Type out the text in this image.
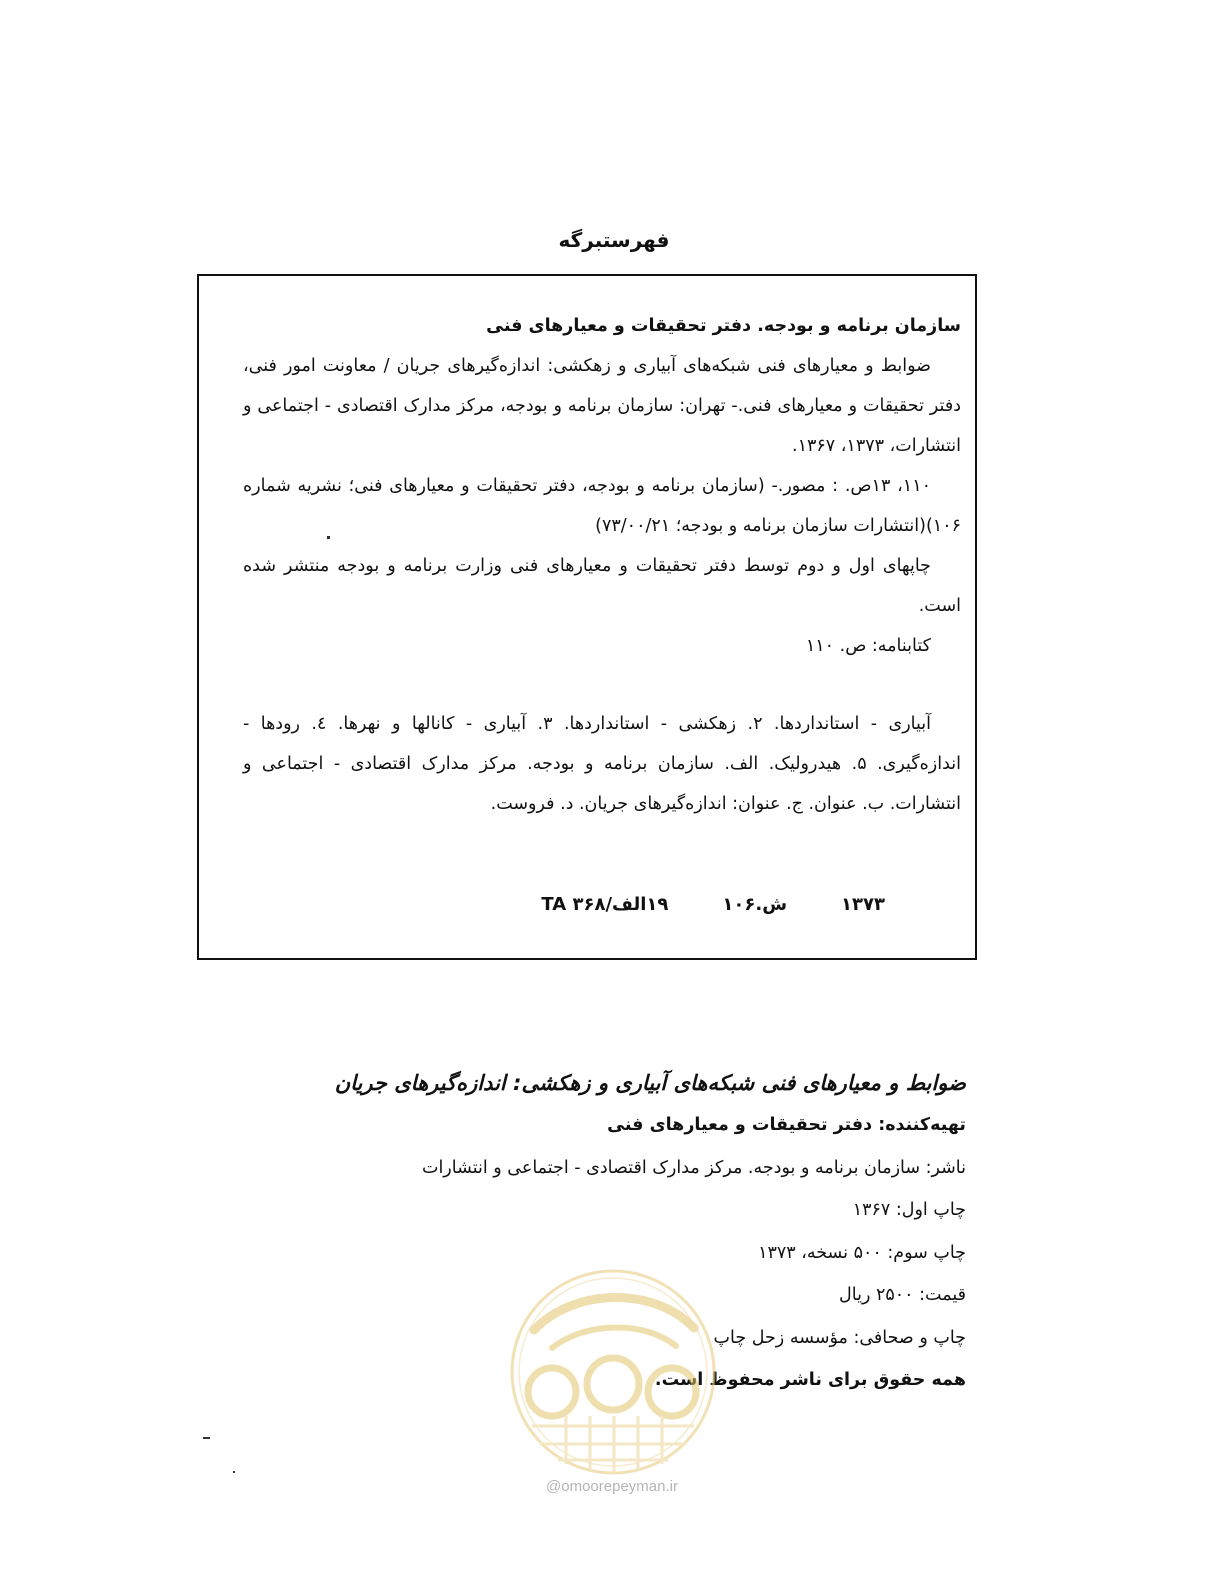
فهرستبرگه

سازمان برنامه و بودجه. دفتر تحقیقات و معیارهای فنی

ضوابط و معیارهای فنی شبکه‌های آبیاری و زهکشی: اندازه‌گیرهای جریان / معاونت امور فنی، دفتر تحقیقات و معیارهای فنی.- تهران: سازمان برنامه و بودجه، مرکز مدارک اقتصادی - اجتماعی و انتشارات، ۱۳۷۳، ۱۳۶۷.

۱۱۰، ۱۳ص. : مصور.- (سازمان برنامه و بودجه، دفتر تحقیقات و معیارهای فنی؛ نشریه شماره ۱۰۶)(انتشارات سازمان برنامه و بودجه؛ ۷۳/۰۰/۲۱)

چاپهای اول و دوم توسط دفتر تحقیقات و معیارهای فنی وزارت برنامه و بودجه منتشر شده است.

کتابنامه: ص. ۱۱۰

آبیاری - استانداردها. ۲. زهکشی - استانداردها. ۳. آبیاری - کانالها و نهرها. ٤. رودها - اندازه‌گیری. ۵. هیدرولیک. الف. سازمان برنامه و بودجه. مرکز مدارک اقتصادی - اجتماعی و انتشارات. ب. عنوان. ج. عنوان: اندازه‌گیرهای جریان. د. فروست.

۱۳۷۳
ش.۱۰۶
۱۹الف/۳۶۸ TA
ضوابط و معیارهای فنی شبکه‌های آبیاری و زهکشی: اندازه‌گیرهای جریان
تهیه‌کننده: دفتر تحقیقات و معیارهای فنی
ناشر: سازمان برنامه و بودجه. مرکز مدارک اقتصادی - اجتماعی و انتشارات
چاپ اول: ۱۳۶۷
چاپ سوم: ۵۰۰ نسخه، ۱۳۷۳
قیمت: ۲۵۰۰ ریال
چاپ و صحافی: مؤسسه زحل چاپ
همه حقوق برای ناشر محفوظ است.
@omoorepeyman.ir
